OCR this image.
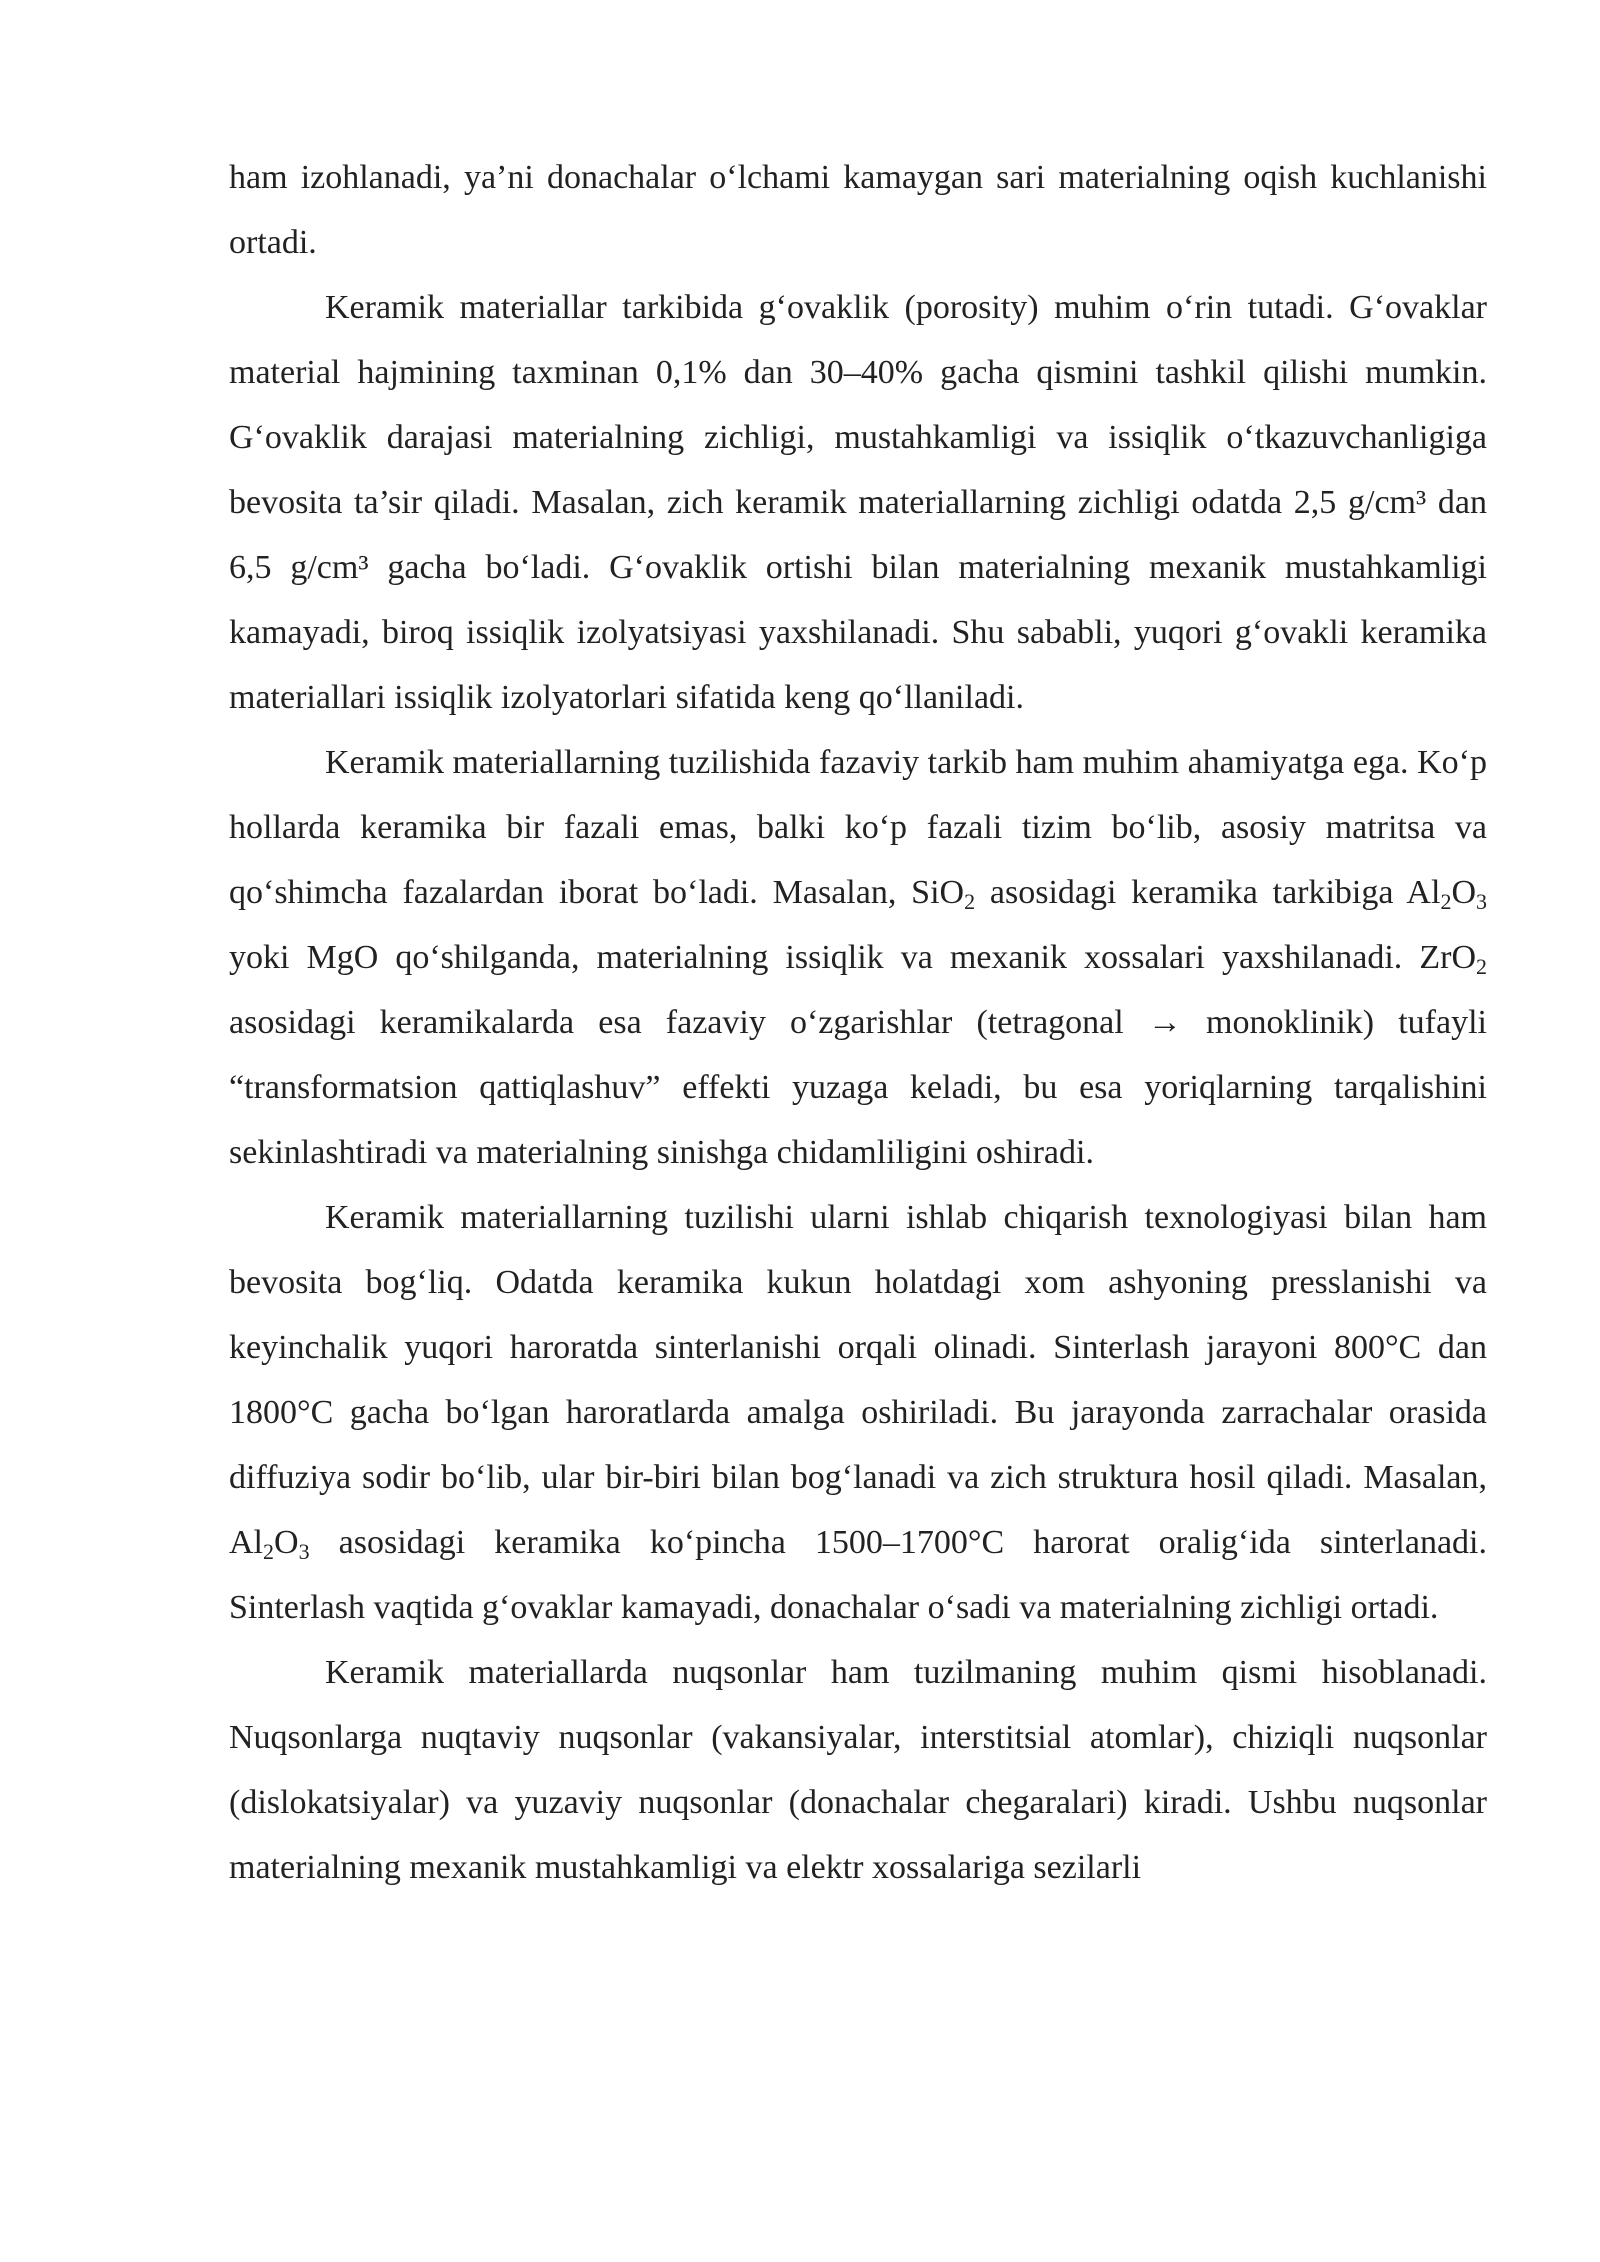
ham izohlanadi, ya’ni donachalar o‘lchami kamaygan sari materialning oqish kuchlanishi ortadi.

Keramik materiallar tarkibida g‘ovaklik (porosity) muhim o‘rin tutadi. G‘ovaklar material hajmining taxminan 0,1% dan 30–40% gacha qismini tashkil qilishi mumkin. G‘ovaklik darajasi materialning zichligi, mustahkamligi va issiqlik o‘tkazuvchanligiga bevosita ta’sir qiladi. Masalan, zich keramik materiallarning zichligi odatda 2,5 g/cm³ dan 6,5 g/cm³ gacha bo‘ladi. G‘ovaklik ortishi bilan materialning mexanik mustahkamligi kamayadi, biroq issiqlik izolyatsiyasi yaxshilanadi. Shu sababli, yuqori g‘ovakli keramika materiallari issiqlik izolyatorlari sifatida keng qo‘llaniladi.

Keramik materiallarning tuzilishida fazaviy tarkib ham muhim ahamiyatga ega. Ko‘p hollarda keramika bir fazali emas, balki ko‘p fazali tizim bo‘lib, asosiy matritsa va qo‘shimcha fazalardan iborat bo‘ladi. Masalan, SiO$_2$ asosidagi keramika tarkibiga $Al_2O_3$ yoki MgO qo‘shilganda, materialning issiqlik va mexanik xossalari yaxshilanadi. ZrO$_2$ asosidagi keramikalarda esa fazaviy o‘zgarishlar (tetragonal → monoklinik) tufayli “transformatsion qattiqlashuv” effekti yuzaga keladi, bu esa yoriqlarning tarqalishini sekinlashtiradi va materialning sinishga chidamliligini oshiradi.

Keramik materiallarning tuzilishi ularni ishlab chiqarish texnologiyasi bilan ham bevosita bog‘liq. Odatda keramika kukun holatdagi xom ashyoning presslanishi va keyinchalik yuqori haroratda sinterlanishi orqali olinadi. Sinterlash jarayoni 800°C dan 1800°C gacha bo‘lgan haroratlarda amalga oshiriladi. Bu jarayonda zarrachalar orasida diffuziya sodir bo‘lib, ular bir-biri bilan bog‘lanadi va zich struktura hosil qiladi. Masalan, $Al_2O_3$ asosidagi keramika ko‘pincha 1500–1700°C harorat oralig‘ida sinterlanadi. Sinterlash vaqtida g‘ovaklar kamayadi, donachalar o‘sadi va materialning zichligi ortadi.

Keramik materiallarda nuqsonlar ham tuzilmaning muhim qismi hisoblanadi. Nuqsonlarga nuqtaviy nuqsonlar (vakansiyalar, interstitsial atomlar), chiziqli nuqsonlar (dislokatsiyalar) va yuzaviy nuqsonlar (donachalar chegaralari) kiradi. Ushbu nuqsonlar materialning mexanik mustahkamligi va elektr xossalariga sezilarli
